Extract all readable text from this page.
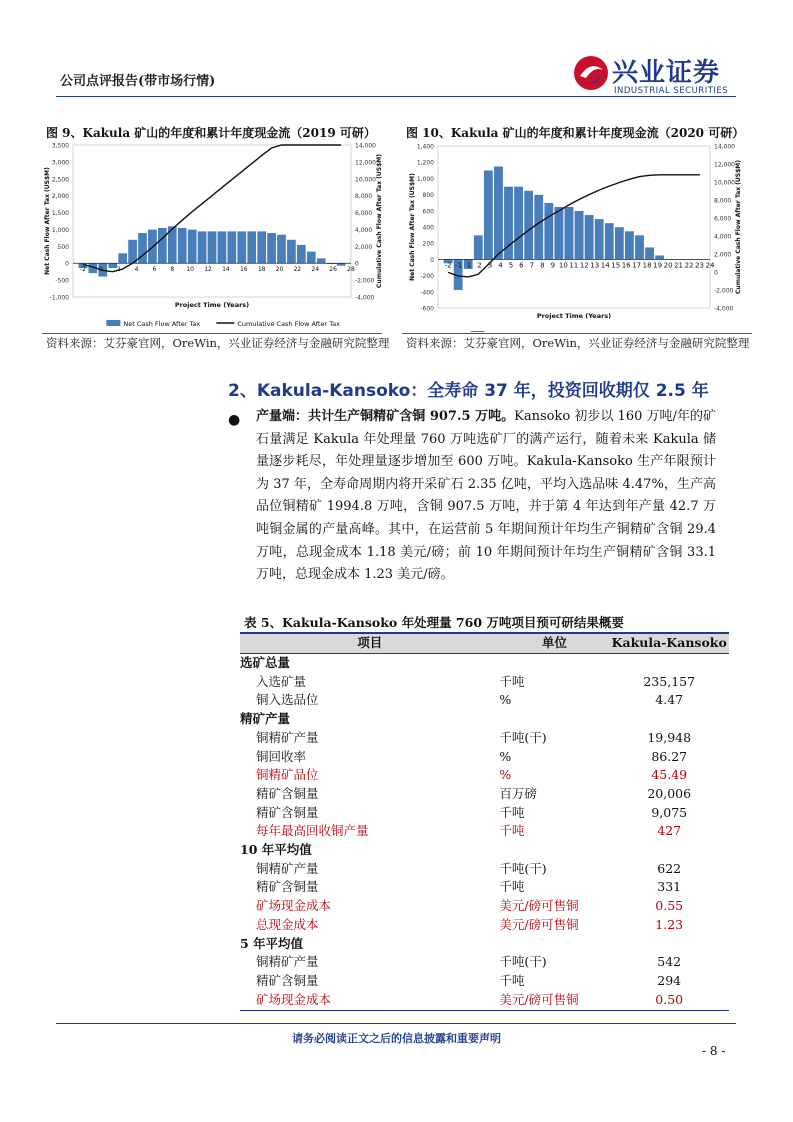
公司点评报告(带市场行情)	兴业证券
INDUSTRIAL SECURITIES
图 9、Kakula 矿山的年度和累计年度现金流（2019 可研）	图 10、Kakula 矿山的年度和累计年度现金流（2020 可研）
-1,000
-500
0
500
1,000
1,500
2,000
2,500
3,000
3,500
-4,000
-2,000
0
2,000
4,000
6,000
8,000
10,000
12,000
14,000
-2 0 2 4 6 8 10 12 14 16 18 20 22 24 26 28
Project Time (Years)
Net Cash Flow After Tax (US$M)	Cumulative Cash Flow After Tax (US$M)
Net Cash Flow After Tax	Cumulative Cash Flow After Tax
-600
-400
-200
0
200
400
600
800
1,000
1,200
1,400
-4,000
-2,000
0
2,000
4,000
6,000
8,000
10,000
12,000
14,000
-2 -1 1 2 3 4 5 6 7 8 9 10 11 12 13 14 15 16 17 18 19 20 21 22 23 24
Project Time (Years)
Net Cash Flow After Tax (US$M)	Cumulative Cash Flow After Tax (US$M)
资料来源：艾芬豪官网，OreWin，兴业证券经济与金融研究院整理 资料来源：艾芬豪官网，OreWin，兴业证券经济与金融研究院整理
2、Kakula-Kansoko：全寿命 37 年，投资回收期仅 2.5 年
● 产量端：共计生产铜精矿含铜 907.5 万吨。Kansoko 初步以 160 万吨/年的矿石量满足 Kakula 年处理量 760 万吨选矿厂的满产运行，随着未来 Kakula 储量逐步耗尽，年处理量逐步增加至 600 万吨。Kakula-Kansoko 生产年限预计为 37 年，全寿命周期内将开采矿石 2.35 亿吨，平均入选品味 4.47%，生产高品位铜精矿 1994.8 万吨，含铜 907.5 万吨，并于第 4 年达到年产量 42.7 万吨铜金属的产量高峰。其中，在运营前 5 年期间预计年均生产铜精矿含铜 29.4 万吨，总现金成本 1.18 美元/磅；前 10 年期间预计年均生产铜精矿含铜 33.1 万吨，总现金成本 1.23 美元/磅。
表 5、Kakula-Kansoko 年处理量 760 万吨项目预可研结果概要
项目	单位	Kakula-Kansoko
选矿总量		
入选矿量	千吨	235,157
铜入选品位	%	4.47
精矿产量		
铜精矿产量	千吨(干)	19,948
铜回收率	%	86.27
铜精矿品位	%	45.49
精矿含铜量	百万磅	20,006
精矿含铜量	千吨	9,075
每年最高回收铜产量	千吨	427
10 年平均值		
铜精矿产量	千吨(干)	622
精矿含铜量	千吨	331
矿场现金成本	美元/磅可售铜	0.55
总现金成本	美元/磅可售铜	1.23
5 年平均值		
铜精矿产量	千吨(干)	542
精矿含铜量	千吨	294
矿场现金成本	美元/磅可售铜	0.50
请务必阅读正文之后的信息披露和重要声明
- 8 -
